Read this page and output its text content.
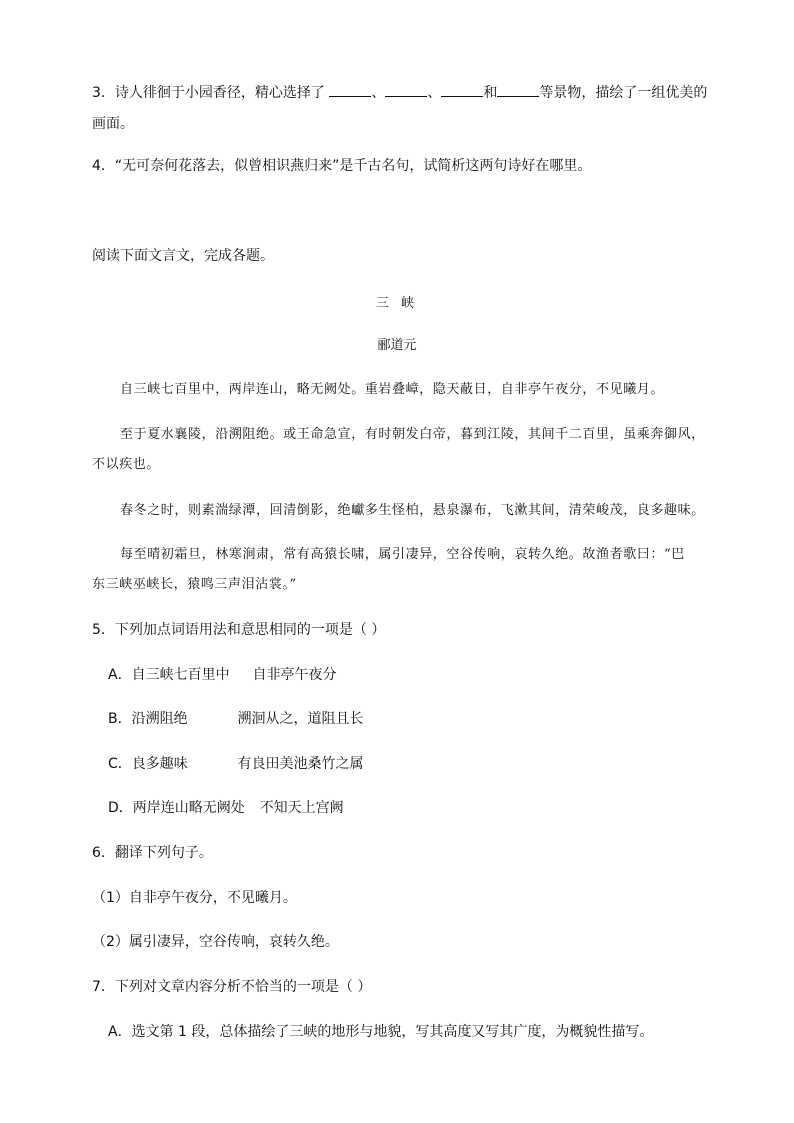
3．诗人徘徊于小园香径，精心选择了	、	、	和	等景物，描绘了一组优美的
画面。
4．“无可奈何花落去，似曾相识燕归来”是千古名句，试简析这两句诗好在哪里。
阅读下面文言文，完成各题。
三 峡
郦道元
自三峡七百里中，两岸连山，略无阙处。重岩叠嶂，隐天蔽日，自非亭午夜分，不见曦月。
至于夏水襄陵，沿溯阻绝。或王命急宣，有时朝发白帝，暮到江陵，其间千二百里，虽乘奔御风，
不以疾也。
春冬之时，则素湍绿潭，回清倒影，绝巘多生怪柏，悬泉瀑布，飞漱其间，清荣峻茂，良多趣味。
每至晴初霜旦，林寒涧肃，常有高猿长啸，属引凄异，空谷传响，哀转久绝。故渔者歌曰：“巴
东三峡巫峡长，猿鸣三声泪沾裳。”
5．下列加点词语用法和意思相同的一项是（ ）
A．自三峡七百里中 自非亭午夜分
B．沿溯阻绝	溯洄从之，道阻且长
C．良多趣味	有良田美池桑竹之属
D．两岸连山略无阙处 不知天上宫阙
6．翻译下列句子。
（1）自非亭午夜分，不见曦月。
（2）属引凄异，空谷传响，哀转久绝。
7．下列对文章内容分析不恰当的一项是（ ）
A．选文第 1 段，总体描绘了三峡的地形与地貌，写其高度又写其广度，为概貌性描写。
